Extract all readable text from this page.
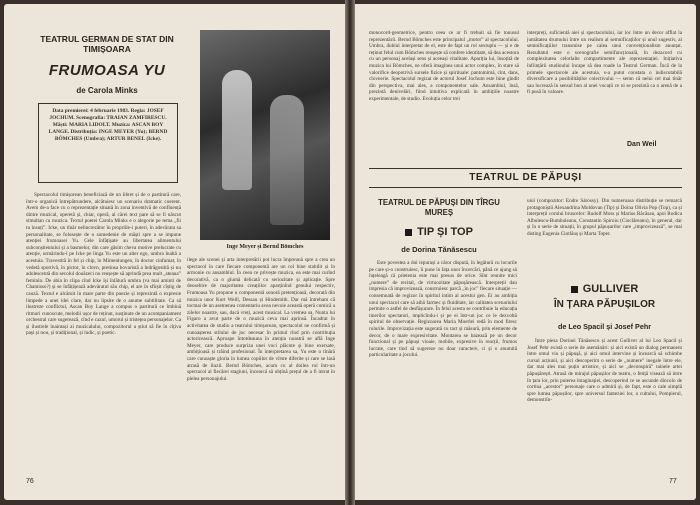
TEATRUL GERMAN DE STAT DIN TIMIȘOARA
FRUMOASA YU
de Carola Minks

Data premierei: 4 februarie 1983. Regia: JOSEF JOCHUM. Scenografia: TRAIAN ZAMFIRESCU. Măști: MARIA LIDOLT. Muzica: ASCAN BOY LANGE. Distribuția: INGE MEYER (Yu); BERND BÖMCHES (Umbra); ARTUR BENEL (Icke).

Inge Meyer și Bernd Bömches

Spectacolul timișorean beneficiază de un libret și de o partitură care, într-o organică întrepătrundere, alcătuiesc un scenariu dramatic coerent. Avem de-a face cu o reprezentație situată în zona inventivă de confluență dintre muzical, operetă și, chiar, operă, al cărei text pare să se fi născut simultan cu muzica. Textul poetei Carola Minks e o alegorie pe tema „fii tu însuți”. Icke, un tînăr nelincrezător în propriile-i puteri, în adevărata sa personalitate, se folosește de o sumedenie de măști spre a se impune atenției frumoasei Yu. Cele înfățișate au libertatea alimentului subconștientului și a basmelor, din care găsim cheva motive prelucrate cu atenție, urmărindu-l pe Icke pe linga Yu este un alter ego, umbra înaltă a acestuia. Travestită în fel și chip, în Mimenlungen, în doctor cinfumat, în vedetă sportivă, în pictor, în clovn, pretinsa bovaristă a îndrăgostită și nu adolescentă din secolul douăzeci nu reușește să aprindă prea mult „steaua” feminin. De abia în clipa cînd Icke își înlătură umbra (va mai aminti de Chamisso?) și se înfățișează adevăratul său chip, el are în sfîrșit cîștig de cauză. Textul e alcătuit în mare parte din poezie și reprezintă o expresie limpede a unei idei clare, dar nu lipsite de o anume subtilitate. Ca să ilustreze conflictul, Ascan Boy Lange a compus o partitură ce îmbină ritmuri cunoscute, melodii ușor de reținut, susținute de un acompaniament orchestral care sugerează, cînd e cazul, umorul și tristețea personajelor. Ca și ilustrele înaintași ai muzicalului, compozitorul a știut să fie în cîțiva pași și nou, și tradițional, și ludic, și poetic.

ilege ale scenei și arta interpretării pot lucra împreună spre a crea un spectacol în care fiecare componentă are un rol bine stabilit și în armonie cu ansamblul. În ceea ce privește muzica, ea este mai curînd decorativă, ca o glumă delicată cu seriozitate și aplicație. Spre deosebire de majoritatea creațiilor aparținînd genului respectiv, Frumoasa Yu propune o componentă sonoră pretențioasă, decorată din muzica unor Kurt Weill, Dessau și Hindemith. Dar mă întrebam că tocmai de un asemenea comentariu avea nevoie această operă comică a zilelor noastre, sau, dacă vreți, acest musical. La vremea sa, Nunta lui Figaro a avut parte de o muzică ceva mai aprinsă. Încadrat în activitatea de studio a teatrului timișorean, spectacolul ne confirmă și cunoașterea stilului de joc necesar în primul rînd prin contribuția actoricească. Aproape întotdeauna în atenția noastră se află Inge Meyer, care produce surpriza unei voci plăcute și bine exersate, ambițioasă și trăind profesional. În interpretarea sa, Yu este o tînără care cunoaște gloria în lumea copiilor de vîrste diferite și care se lasă atrasă de iluzii. Bernd Bömches, acum cu al doilea rol într-un spectacol al fiecărei stagiuni, încearcă să obțină prețul de a fi intrat în pielea personajului.

76

monocord-geometrice, pentru ceea ce ar fi trebuit să fie tonusul reprezentării. Bernd Bömches este principalul „motor” al spectacolului. Umbra, dublul interpretat de el, este de fapt un rol sextuplu — și e de reținut felul cum Bömches reușește să confere identitate, să dea acestora cu un personaj același sens și aceeași vitalitate. Apariția lui, însoțită de muzica lui Bömches, ne oferă imaginea unui actor complex, în stare să valorifice deopotrivă sursele fizice și spirituale: pantomimă, cînt, dans, clovnerie. Spectacolul regizat de actorul Josef Jochum este bine gîndit din perspectiva, mai ales, a componentelor sale. Ansamblul, însă, prezintă denivelări, fiind intuitiva explicată în ambițiile noastre experimentale, de studio. Evoluția celor trei

interpreți, suficientă aiei și spectacolului, iar loc între un decor afflat la jumătatea drumului între un realism al semnificațiilor și unul sugestiv, al semnificațiilor transmise pe calea unui convenționalism anunțat. Rezultatul este o scenografie semifuncțională, în dezacord cu complexitatea celorlalte compartimente ale reprezentației. Inițiativa înființării studioului încape să dea roade la Teatrul German. Încă de la primele spectacole ale acestuia, s-a putut constata o indiscutabilă diversificare a posibilităților colectivului — semn că nelui cel mai tînăr sau lucrează în sensul bun al unei vocații ce ni se prezintă ca o arenă de a fi pusă în valoare.

Dan Weil
TEATRUL DE PĂPUȘI
TEATRUL DE PĂPUȘI DIN TÎRGU MUREȘ
TIP ȘI TOP
de Dorina Tănăsescu

Este povestea a doi iepurași a căror dispută, în legătură cu locurile pe care și-o construiesc, îi pune în fața unor încercări, până ce ajung să înțeleagă că prietenia este mai presus de orice. Sînt reunite mici „numere” de recital, de virtuozitate păpușărească. Interpreții dau impresia că improvizează, construiesc parcă „în joc” fiecare situație — consemnată de regizor în spiritul intim al acestui gen. Ei au ambiția unui spectacol care să aibă farmec și fluiditate, iar calitatea scenariului permite o astfel de desfășurare. În felul acesta se contribuie la educația tinerilor spectatori, implicîndu-i și pe ei într-un joc ce le dezvoltă spiritul de observație. Regizoarea Maria Moerlei redă în mod firesc rolurile. Improvizația este sugerată cu tact și măsură, prin elemente de decor, de o mare expresivitate. Montarea se bazează pe un decor functional și pe păpuși vioaie, mobile, expresive în reacții, frumos lucrate, care tind să sugereze nu doar caractere, ci și o anumită particularitate a jocului.

unii (compozitor: Endre Sárossy). Din numeroasa distribuție se remarcă protagoniștii Alexandrina Moldovan (Tip) și Doina Olivia Pop (Top), ca și interpreții corului bruscelor: Rudolf Moss și Marius Răcăsan, apoi Rodica Albulescu-Bumbuleanu, Constantin Spiroiu (Cioclâreanu), în general, dar și în o serie de situații, în grupul păpușarilor care „improvizează”, se mai disting Eugenia Ciotlăuș și Marta Toper.

GULLIVER
ÎN ȚARA PĂPUȘILOR
de Leo Spacil și Josef Pehr

Între piesa Dorinei Tănăsescu și acest Gulliver al lui Leo Spacil și Josef Pehr există o serie de asemănări: și aici există un dialog permanent între omul viu și păpușă, și aici omul intervine și încearcă să schimbe cursul acțiunii, și aici descoperim o serie de „numere” inegale între ele, dar mai ales mai puțin artistice, și aici se „deconspiră” tainele artei păpușărești. Atrasă de mirajul păpușilor de teatru, o fetiță visează să intre în țara lor, prin puterea imaginației, descoperind ce se ascunde dincolo de cortina „acestor” personaje care o admiră și, de fapt, este o cale simplă spre lumea păpușilor, spre universul fanteziei lor, a cultului, Pompierul, demonstrîn-

77
